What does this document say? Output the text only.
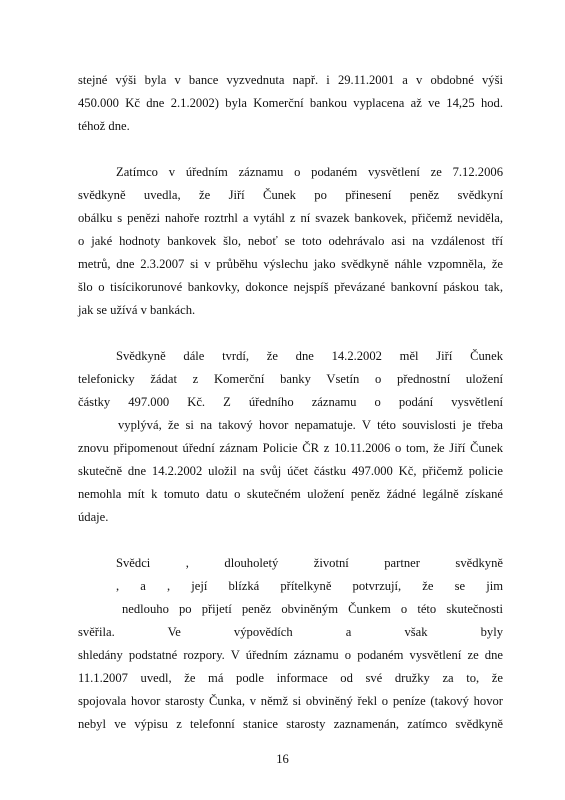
stejné výši byla v bance vyzvednuta např. i 29.11.2001 a v obdobné výši
450.000 Kč dne 2.1.2002) byla Komerční bankou vyplacena až ve 14,25 hod.
téhož dne.
Zatímco v úředním záznamu o podaném vysvětlení ze 7.12.2006
svědkyně uvedla, že Jiří Čunek po přinesení peněz svědkyní
obálku s penězi nahoře roztrhl a vytáhl z ní svazek bankovek, přičemž neviděla,
o jaké hodnoty bankovek šlo, neboť se toto odehrávalo asi na vzdálenost tří
metrů, dne 2.3.2007 si v průběhu výslechu jako svědkyně náhle vzpomněla, že
šlo o tisícikorunové bankovky, dokonce nejspíš převázané bankovní páskou tak,
jak se užívá v bankách.
Svědkyně dále tvrdí, že dne 14.2.2002 měl Jiří Čunek
telefonicky žádat z Komerční banky Vsetín o přednostní uložení
částky 497.000 Kč. Z úředního záznamu o podání vysvětlení
vyplývá, že si na takový hovor nepamatuje. V této souvislosti je třeba
znovu připomenout úřední záznam Policie ČR z 10.11.2006 o tom, že Jiří Čunek
skutečně dne 14.2.2002 uložil na svůj účet částku 497.000 Kč, přičemž policie
nemohla mít k tomuto datu o skutečném uložení peněz žádné legálně získané
údaje.
Svědci , dlouholetý životní partner svědkyně
, a , její blízká přítelkyně potvrzují, že se jim
nedlouho po přijetí peněz obviněným Čunkem o této skutečnosti
svěřila. Ve výpovědích a však byly
shledány podstatné rozpory. V úředním záznamu o podaném vysvětlení ze dne
11.1.2007 uvedl, že má podle informace od své družky za to, že
spojovala hovor starosty Čunka, v němž si obviněný řekl o peníze (takový hovor
nebyl ve výpisu z telefonní stanice starosty zaznamenán, zatímco svědkyně
16
